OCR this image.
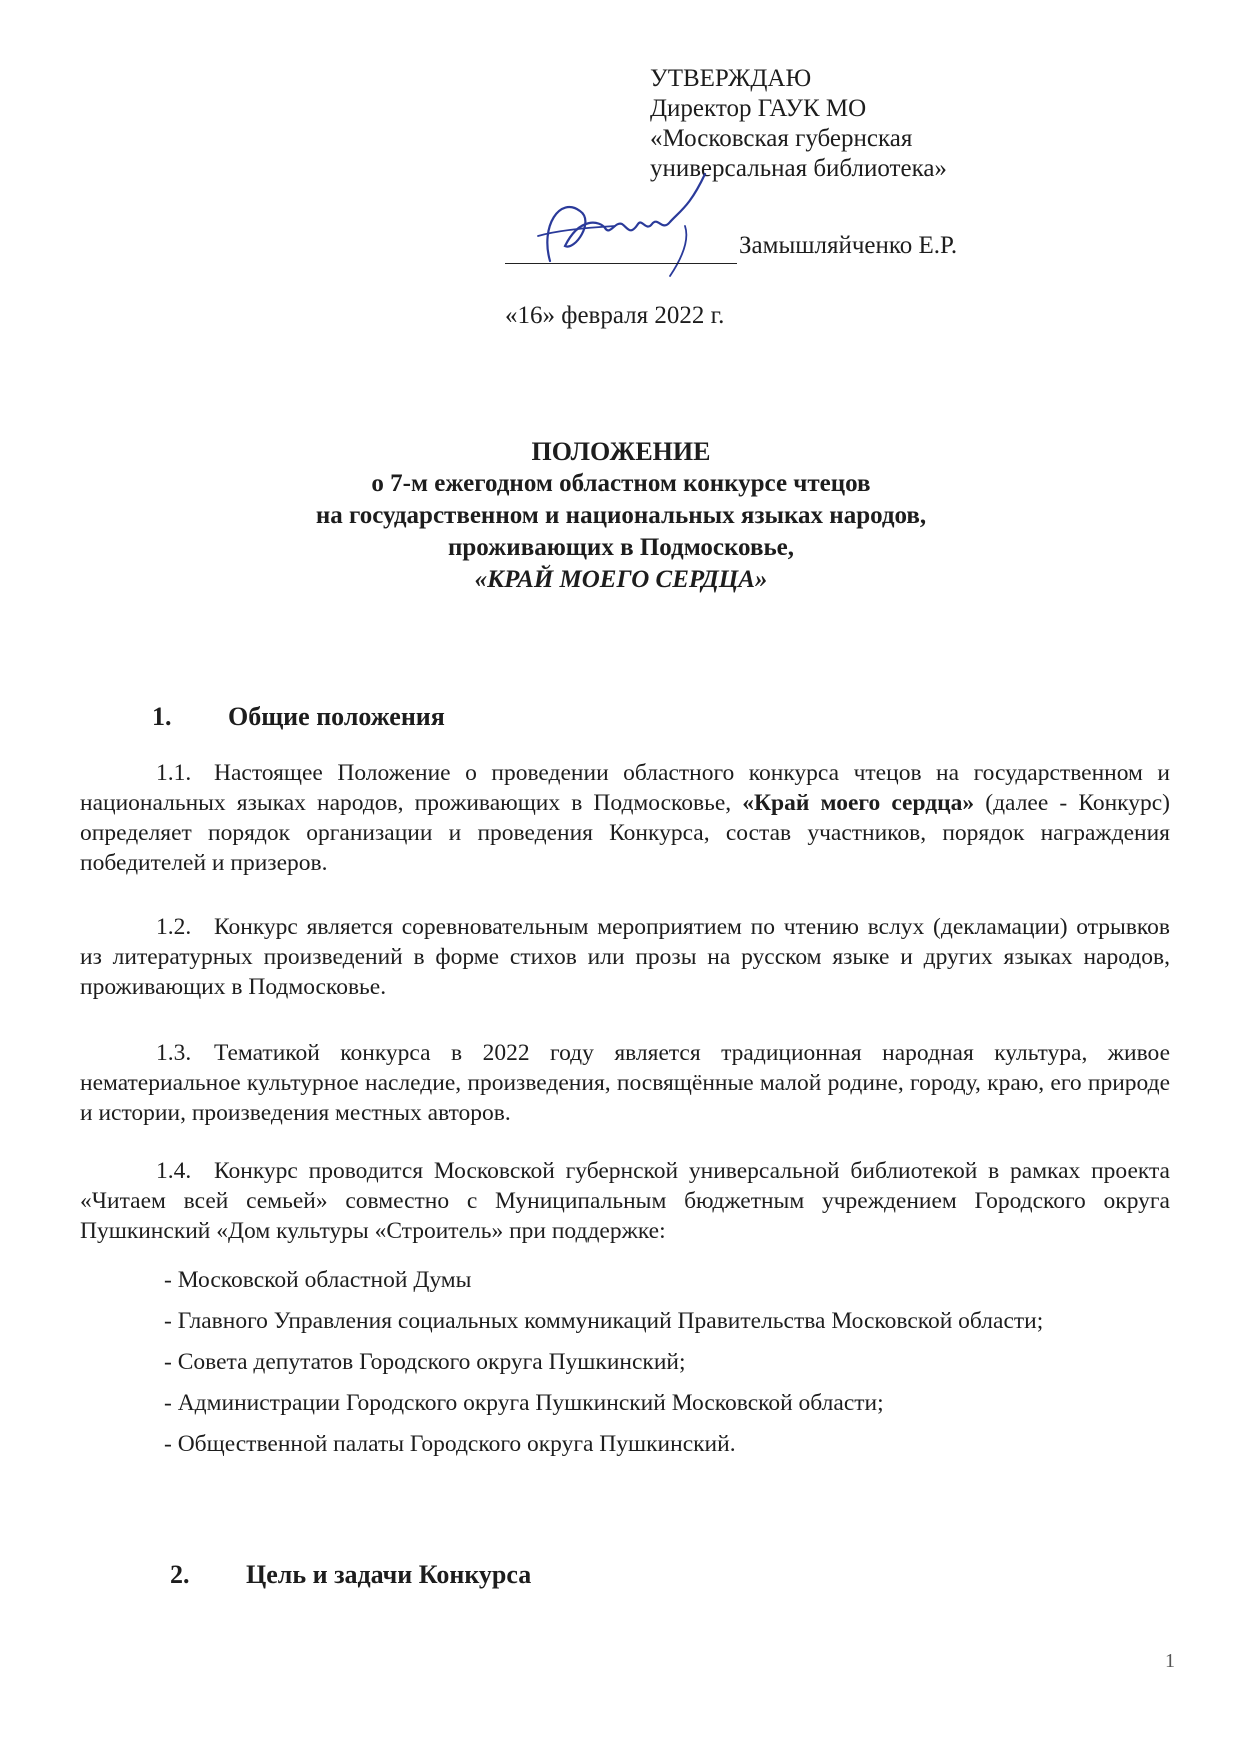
УТВЕРЖДАЮ
Директор ГАУК МО
«Московская губернская
универсальная библиотека»
Замышляйченко Е.Р.
«16» февраля 2022 г.
ПОЛОЖЕНИЕ
о 7-м ежегодном областном конкурсе чтецов
на государственном и национальных языках народов,
проживающих в Подмосковье,
«КРАЙ МОЕГО СЕРДЦА»
1. Общие положения
1.1. Настоящее Положение о проведении областного конкурса чтецов на государственном и национальных языках народов, проживающих в Подмосковье, «Край моего сердца» (далее - Конкурс) определяет порядок организации и проведения Конкурса, состав участников, порядок награждения победителей и призеров.
1.2. Конкурс является соревновательным мероприятием по чтению вслух (декламации) отрывков из литературных произведений в форме стихов или прозы на русском языке и других языках народов, проживающих в Подмосковье.
1.3. Тематикой конкурса в 2022 году является традиционная народная культура, живое нематериальное культурное наследие, произведения, посвящённые малой родине, городу, краю, его природе и истории, произведения местных авторов.
1.4. Конкурс проводится Московской губернской универсальной библиотекой в рамках проекта «Читаем всей семьей» совместно с Муниципальным бюджетным учреждением Городского округа Пушкинский «Дом культуры «Строитель» при поддержке:
- Московской областной Думы
- Главного Управления социальных коммуникаций Правительства Московской области;
- Совета депутатов Городского округа Пушкинский;
- Администрации Городского округа Пушкинский Московской области;
- Общественной палаты Городского округа Пушкинский.
2. Цель и задачи Конкурса
1
